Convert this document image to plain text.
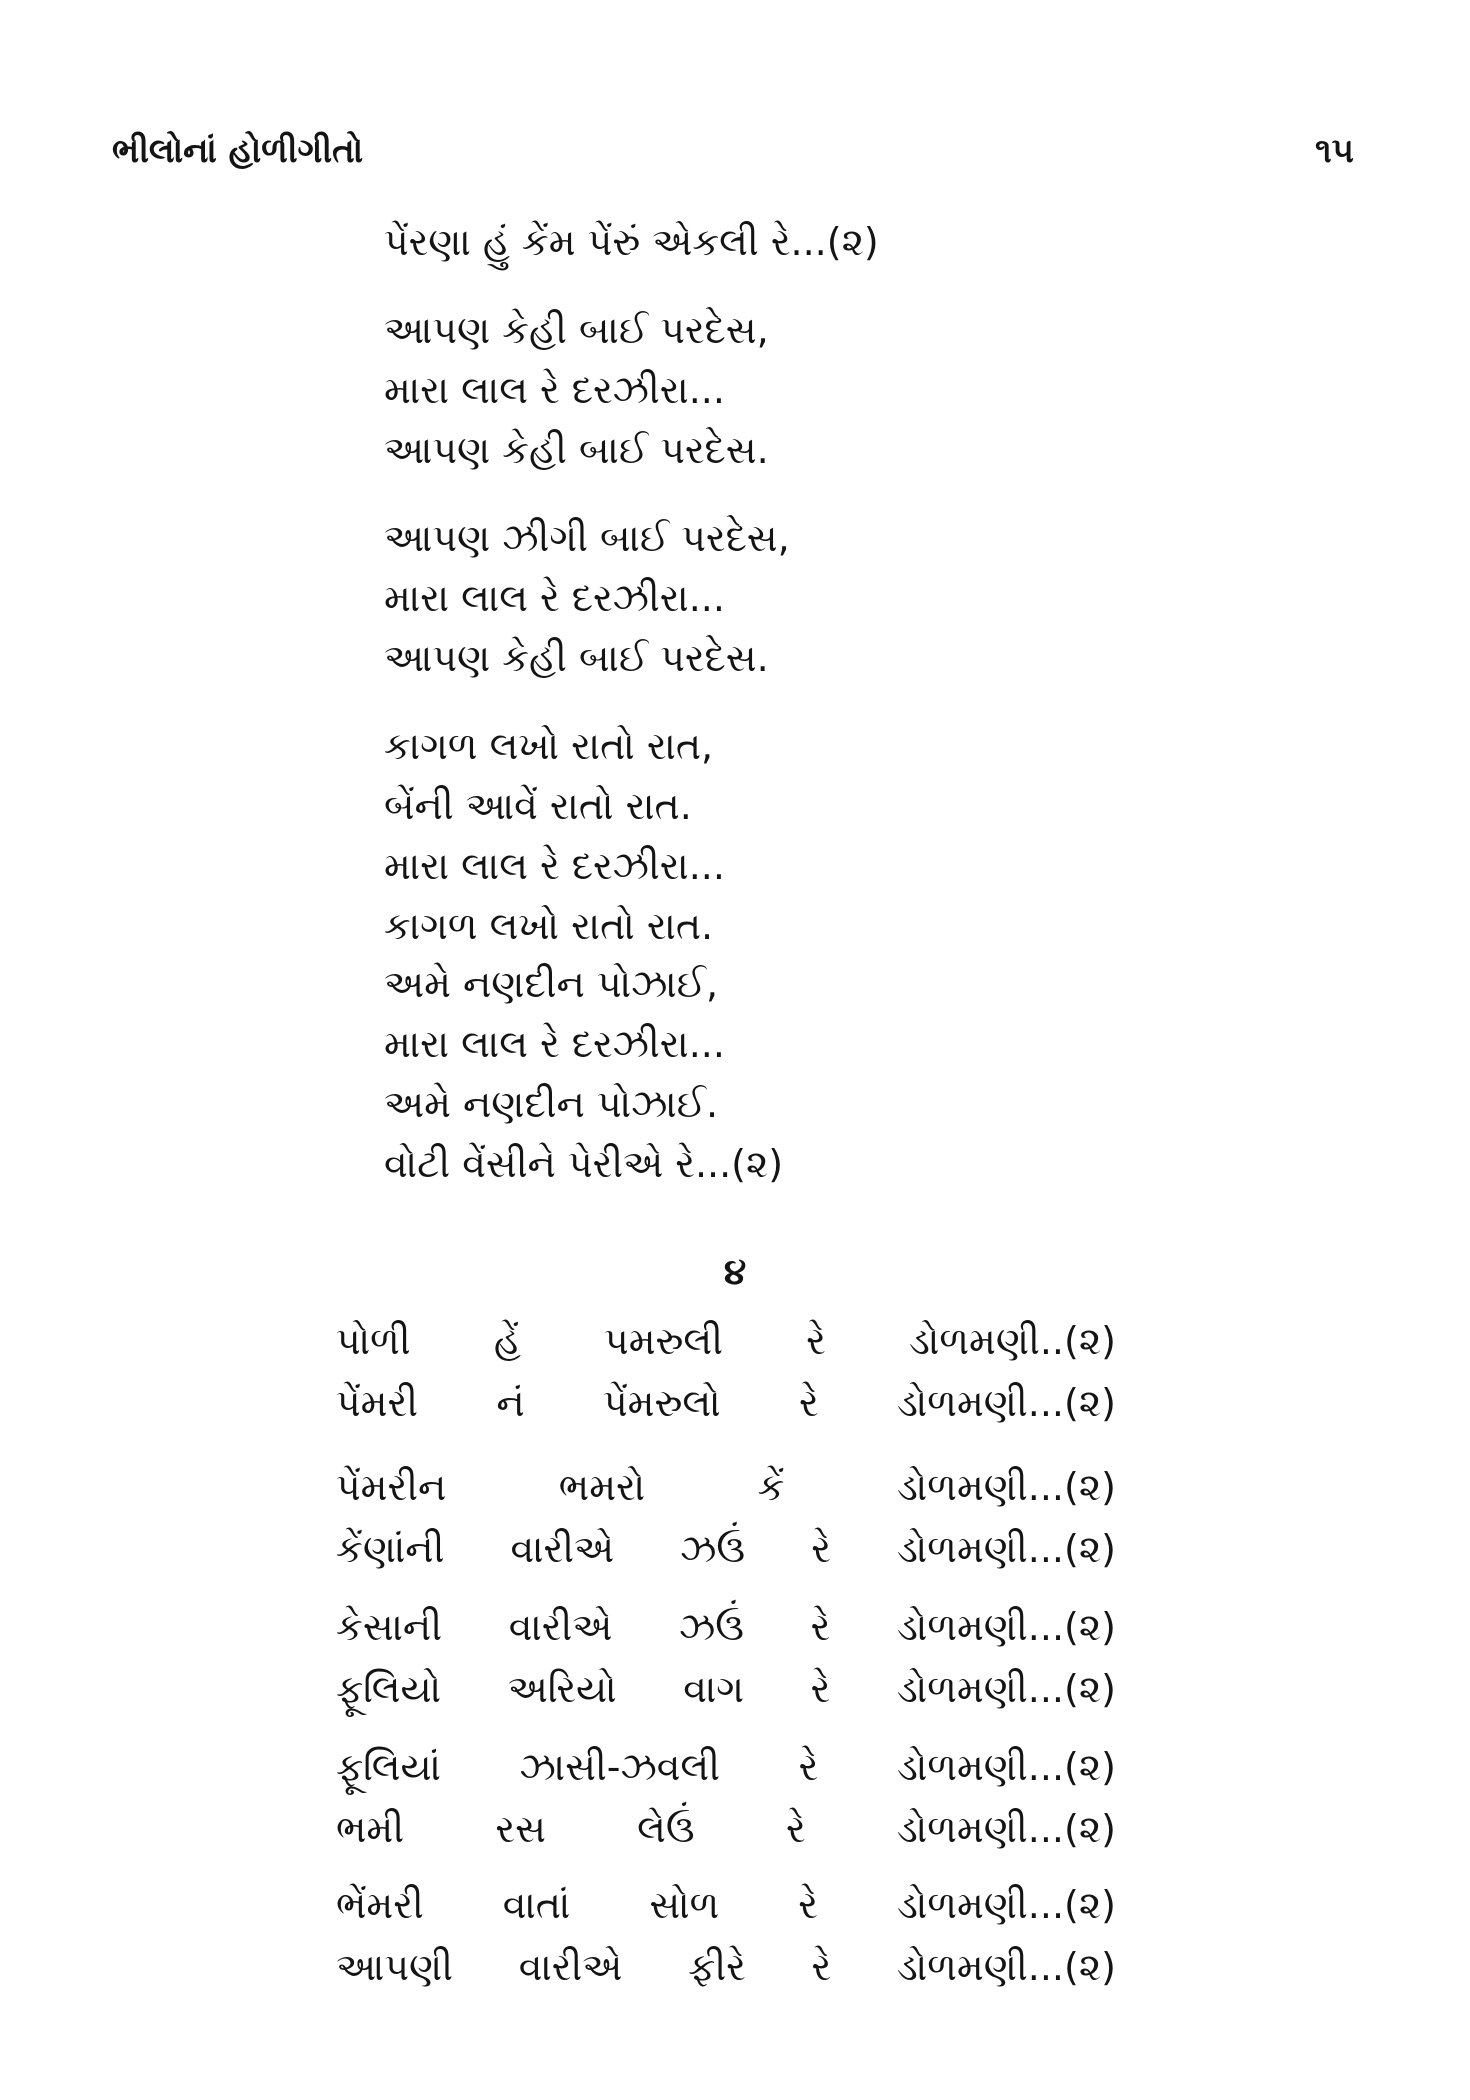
ભીલોનાં હોળીગીતો	૧૫
પેંરણા હું કેંમ પેંરું એકલી રે...(૨)
આપણ કેહી બાઈ પરદેસ,
મારા લાલ રે દરઝીરા...
આપણ કેહી બાઈ પરદેસ.
આપણ ઝીગી બાઈ પરદેસ,
મારા લાલ રે દરઝીરા...
આપણ કેહી બાઈ પરદેસ.
કાગળ લખો રાતો રાત,
બેંની આવેં રાતો રાત.
મારા લાલ રે દરઝીરા...
કાગળ લખો રાતો રાત.
અમે નણદીન પોઝાઈ,
મારા લાલ રે દરઝીરા...
અમે નણદીન પોઝાઈ.
વોટી વેંસીને પેરીએ રે...(૨)
૪
પોળી હેં પમરુલી રે ડોળમણી..(૨)
પેંમરી નં પેંમરુલો રે ડોળમણી...(૨)
પેંમરીન	ભમરો	કેં	ડોળમણી...(૨)
કેંણાંની વારીએ ઝઉં રે ડોળમણી...(૨)
કેસાની વારીએ ઝઉં રે ડોળમણી...(૨)
ફૂલિયો અરિયો વાગ રે ડોળમણી...(૨)
ફૂલિયાં ઝાસી-ઝવલી રે ડોળમણી...(૨)
ભમી રસ લેઉં રે ડોળમણી...(૨)
ભેંમરી વાતાં સોળ રે ડોળમણી...(૨)
આપણી વારીએ ફીરે રે ડોળમણી...(૨)
